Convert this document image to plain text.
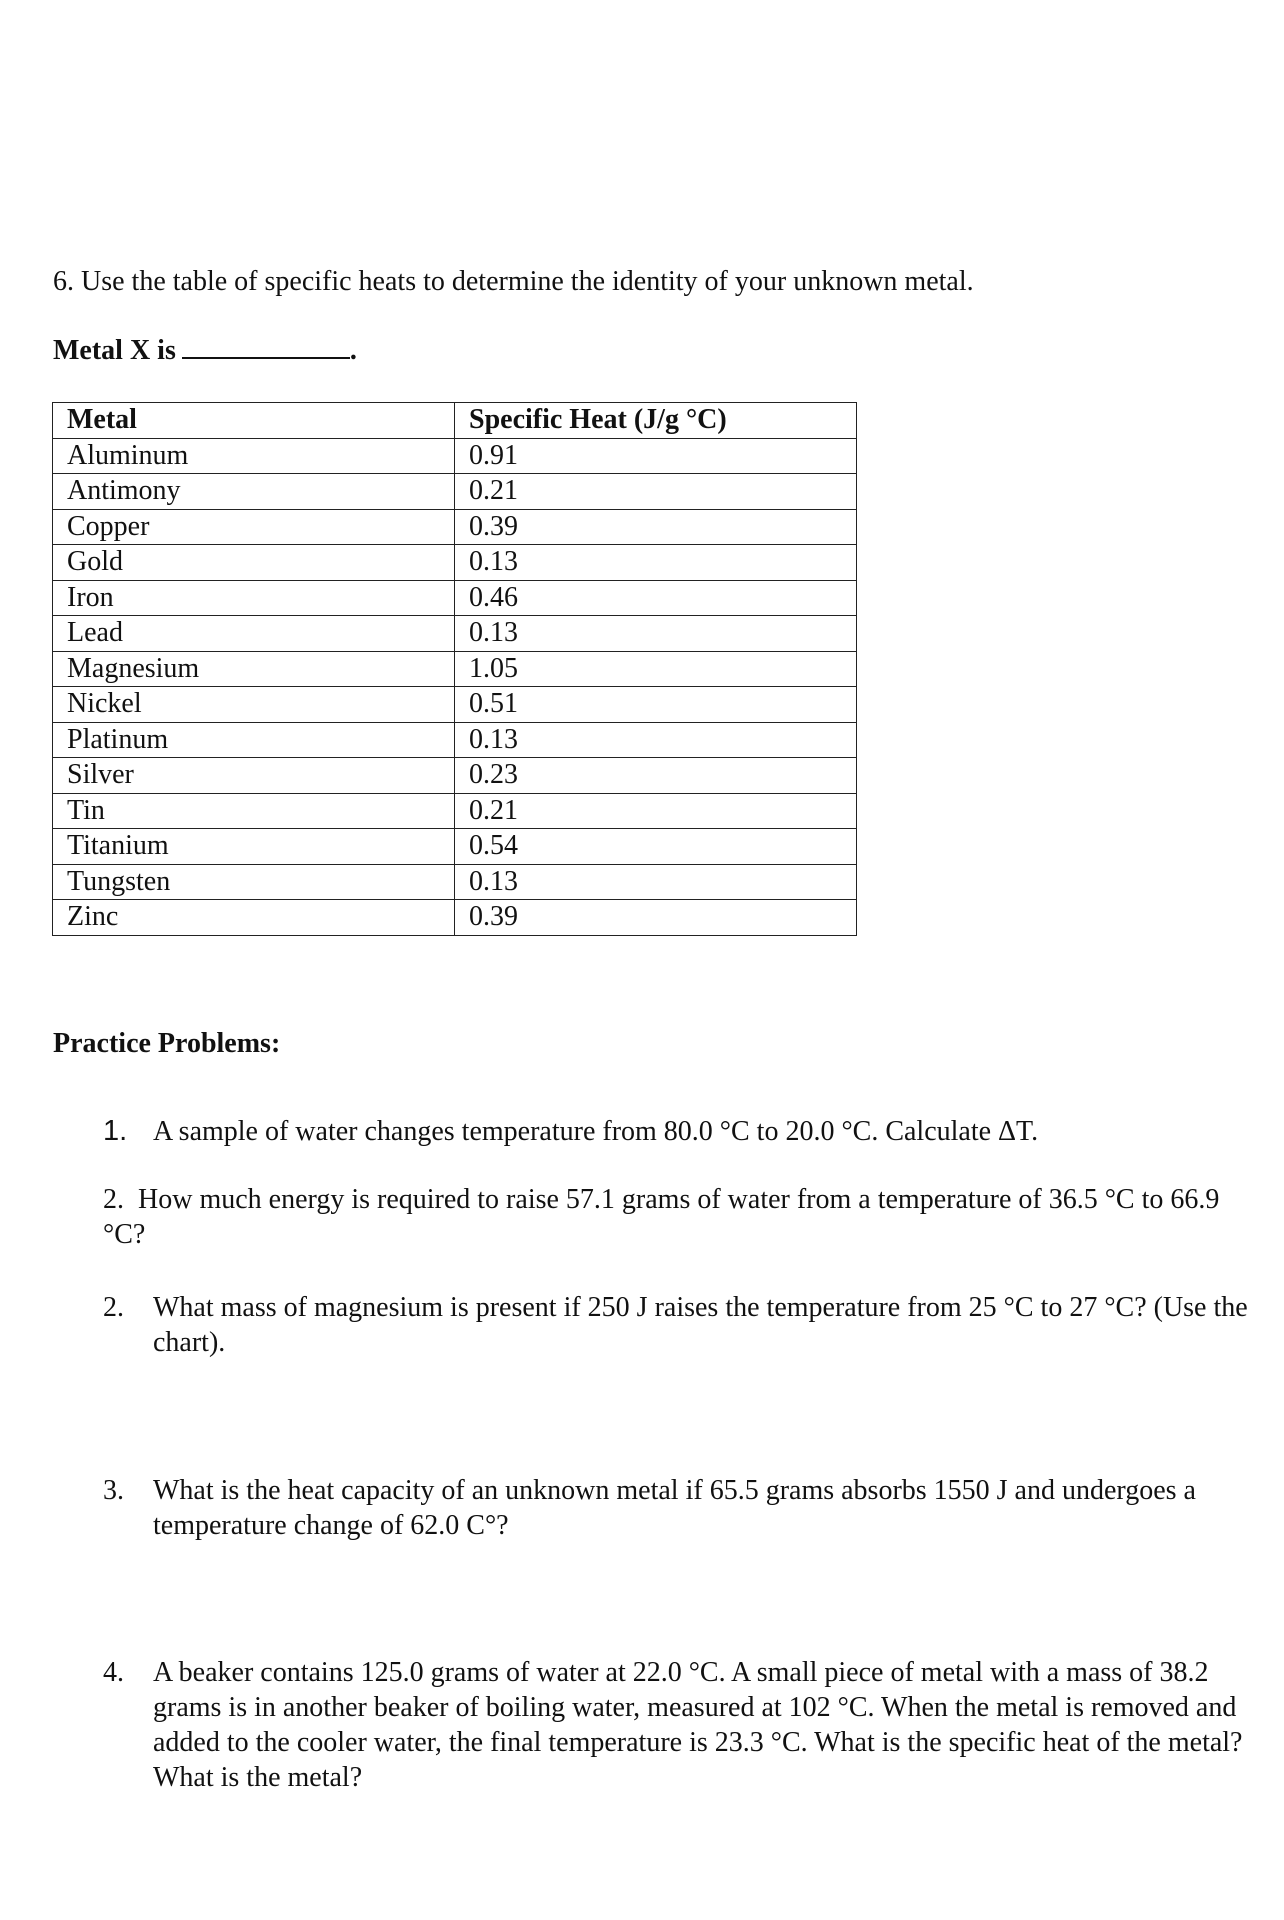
6. Use the table of specific heats to determine the identity of your unknown metal.
Metal X is	.
Metal	Specific Heat (J/g °C)
Aluminum	0.91
Antimony	0.21
Copper	0.39
Gold	0.13
Iron	0.46
Lead	0.13
Magnesium	1.05
Nickel	0.51
Platinum	0.13
Silver	0.23
Tin	0.21
Titanium	0.54
Tungsten	0.13
Zinc	0.39
Practice Problems:
1. A sample of water changes temperature from 80.0 °C to 20.0 °C. Calculate ΔT.
2. How much energy is required to raise 57.1 grams of water from a temperature of 36.5 °C to 66.9 °C?
2. What mass of magnesium is present if 250 J raises the temperature from 25 °C to 27 °C? (Use the chart).
3. What is the heat capacity of an unknown metal if 65.5 grams absorbs 1550 J and undergoes a temperature change of 62.0 C°?
4. A beaker contains 125.0 grams of water at 22.0 °C. A small piece of metal with a mass of 38.2 grams is in another beaker of boiling water, measured at 102 °C. When the metal is removed and added to the cooler water, the final temperature is 23.3 °C. What is the specific heat of the metal? What is the metal?
